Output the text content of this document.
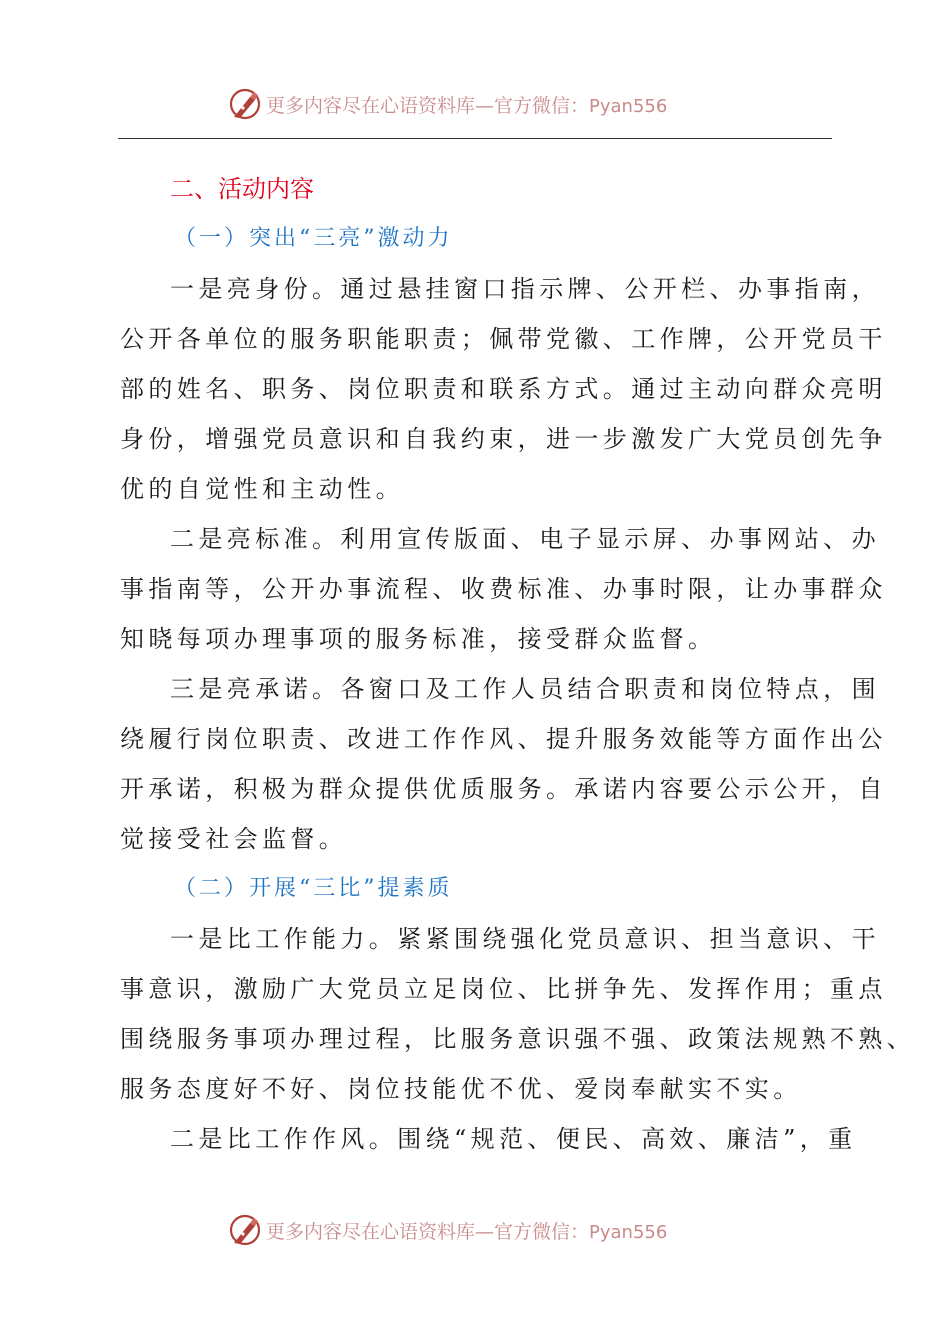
更多内容尽在心语资料库—官方微信：Pyan556
二、活动内容
（一）突出“三亮”激动力
一是亮身份。通过悬挂窗口指示牌、公开栏、办事指南，
公开各单位的服务职能职责；佩带党徽、工作牌，公开党员干
部的姓名、职务、岗位职责和联系方式。通过主动向群众亮明
身份，增强党员意识和自我约束，进一步激发广大党员创先争
优的自觉性和主动性。
二是亮标准。利用宣传版面、电子显示屏、办事网站、办
事指南等，公开办事流程、收费标准、办事时限，让办事群众
知晓每项办理事项的服务标准，接受群众监督。
三是亮承诺。各窗口及工作人员结合职责和岗位特点，围
绕履行岗位职责、改进工作作风、提升服务效能等方面作出公
开承诺，积极为群众提供优质服务。承诺内容要公示公开，自
觉接受社会监督。
（二）开展“三比”提素质
一是比工作能力。紧紧围绕强化党员意识、担当意识、干
事意识，激励广大党员立足岗位、比拼争先、发挥作用；重点
围绕服务事项办理过程，比服务意识强不强、政策法规熟不熟、
服务态度好不好、岗位技能优不优、爱岗奉献实不实。
二是比工作作风。围绕“规范、便民、高效、廉洁”，重
更多内容尽在心语资料库—官方微信：Pyan556
